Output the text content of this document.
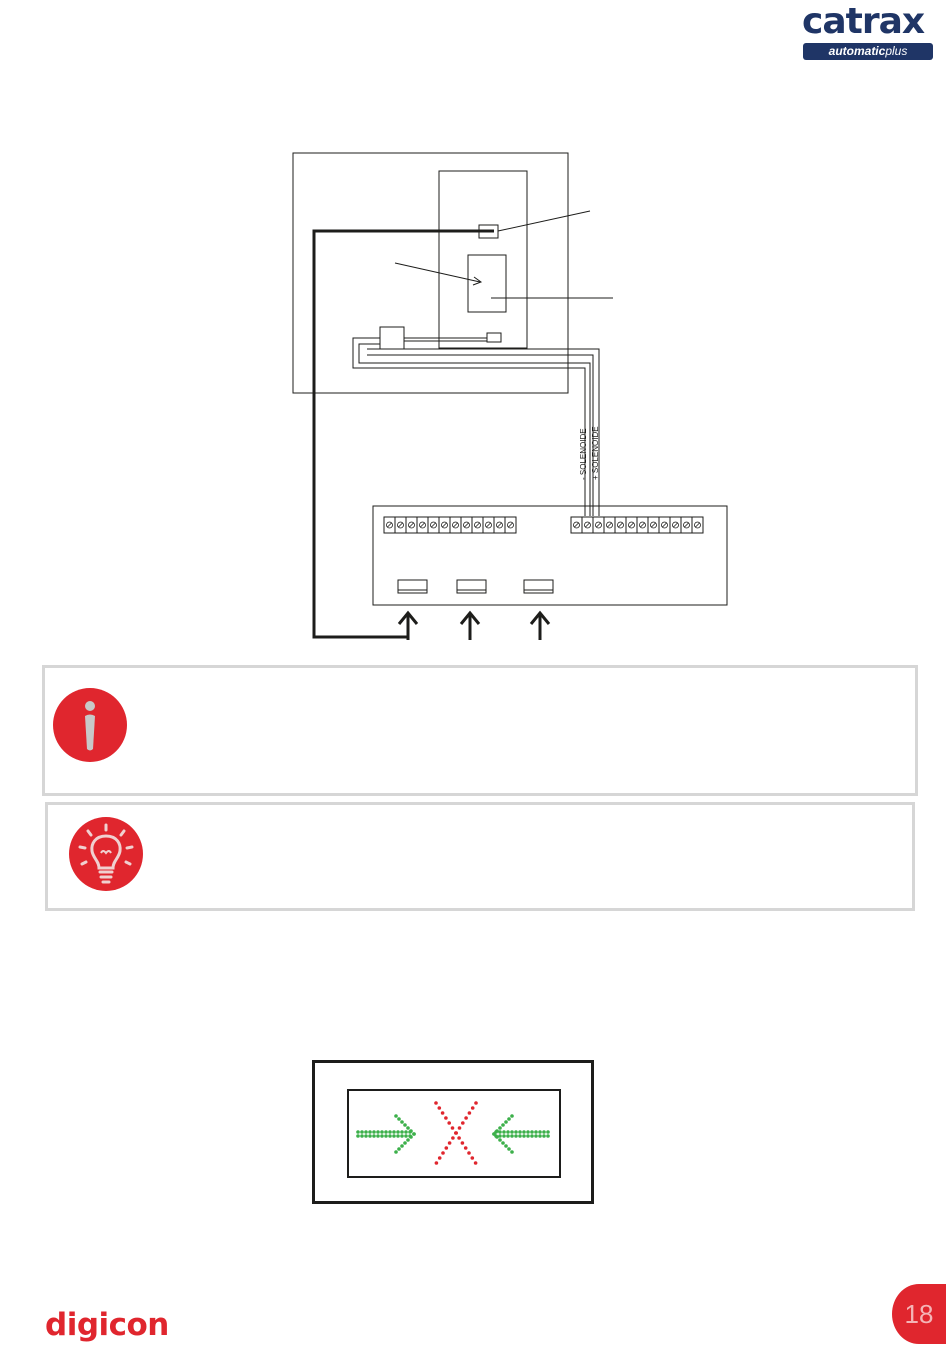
catrax
automaticplus
- SOLENOIDE + SOLENOIDE
digicon	18
